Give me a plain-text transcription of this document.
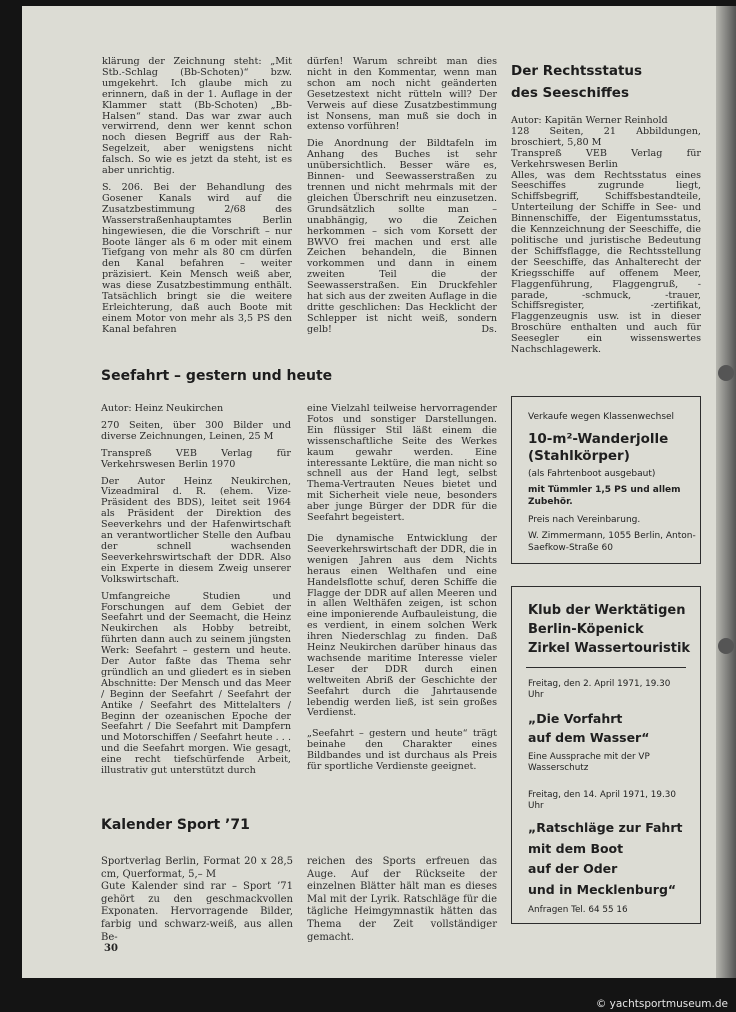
klärung der Zeichnung steht: „Mit Stb.-Schlag (Bb-Schoten)“ bzw. umgekehrt. Ich glaube mich zu erinnern, daß in der 1. Auflage in der Klammer statt (Bb-Schoten) „Bb-Halsen“ stand. Das war zwar auch verwirrend, denn wer kennt schon noch diesen Begriff aus der Rah-Segelzeit, aber wenigstens nicht falsch. So wie es jetzt da steht, ist es aber unrichtig.

S. 206. Bei der Behandlung des Gosener Kanals wird auf die Zusatzbestimmung 2/68 des Wasserstraßenhauptamtes Berlin hingewiesen, die die Vorschrift – nur Boote länger als 6 m oder mit einem Tiefgang von mehr als 80 cm dürfen den Kanal befahren – weiter präzisiert. Kein Mensch weiß aber, was diese Zusatzbestimmung enthält. Tatsächlich bringt sie die weitere Erleichterung, daß auch Boote mit einem Motor von mehr als 3,5 PS den Kanal befahren

dürfen! Warum schreibt man dies nicht in den Kommentar, wenn man schon am noch nicht geänderten Gesetzestext nicht rütteln will? Der Verweis auf diese Zusatzbestimmung ist Nonsens, man muß sie doch in extenso vorführen!

Die Anordnung der Bildtafeln im Anhang des Buches ist sehr unübersichtlich. Besser wäre es, Binnen- und Seewasserstraßen zu trennen und nicht mehrmals mit der gleichen Überschrift neu einzusetzen. Grundsätzlich sollte man – unabhängig, wo die Zeichen herkommen – sich vom Korsett der BWVO frei machen und erst alle Zeichen behandeln, die Binnen vorkommen und dann in einem zweiten Teil die der Seewasserstraßen. Ein Druckfehler hat sich aus der zweiten Auflage in die dritte geschlichen: Das Hecklicht der Schlepper ist nicht weiß, sondern gelb!	Ds.

Der Rechtsstatus
des Seeschiffes
Autor: Kapitän Werner Reinhold
128 Seiten, 21 Abbildungen, broschiert, 5,80 M
Transpreß VEB Verlag für Verkehrswesen Berlin
Alles, was dem Rechtsstatus eines Seeschiffes zugrunde liegt, Schiffsbegriff, Schiffsbestandteile, Unterteilung der Schiffe in See- und Binnenschiffe, der Eigentumsstatus, die Kennzeichnung der Seeschiffe, die politische und juristische Bedeutung der Schiffsflagge, die Rechtsstellung der Seeschiffe, das Anhalterecht der Kriegsschiffe auf offenem Meer, Flaggenführung, Flaggengruß, -parade, -schmuck, -trauer, Schiffsregister, -zertifikat, Flaggenzeugnis usw. ist in dieser Broschüre enthalten und auch für Seesegler ein wissenswertes Nachschlagewerk.
Seefahrt – gestern und heute

Autor: Heinz Neukirchen

270 Seiten, über 300 Bilder und diverse Zeichnungen, Leinen, 25 M

Transpreß VEB Verlag für Verkehrswesen Berlin 1970

Der Autor Heinz Neukirchen, Vizeadmiral d. R. (ehem. Vize-Präsident des BDS), leitet seit 1964 als Präsident der Direktion des Seeverkehrs und der Hafenwirtschaft an verantwortlicher Stelle den Aufbau der schnell wachsenden Seeverkehrswirtschaft der DDR. Also ein Experte in diesem Zweig unserer Volkswirtschaft.

Umfangreiche Studien und Forschungen auf dem Gebiet der Seefahrt und der Seemacht, die Heinz Neukirchen als Hobby betreibt, führten dann auch zu seinem jüngsten Werk: Seefahrt – gestern und heute. Der Autor faßte das Thema sehr gründlich an und gliedert es in sieben Abschnitte: Der Mensch und das Meer / Beginn der Seefahrt / Seefahrt der Antike / Seefahrt des Mittelalters / Beginn der ozeanischen Epoche der Seefahrt / Die Seefahrt mit Dampfern und Motorschiffen / Seefahrt heute . . . und die Seefahrt morgen. Wie gesagt, eine recht tiefschürfende Arbeit, illustrativ gut unterstützt durch

eine Vielzahl teilweise hervorragender Fotos und sonstiger Darstellungen. Ein flüssiger Stil läßt einem die wissenschaftliche Seite des Werkes kaum gewahr werden. Eine interessante Lektüre, die man nicht so schnell aus der Hand legt, selbst Thema-Vertrauten Neues bietet und mit Sicherheit viele neue, besonders aber junge Bürger der DDR für die Seefahrt begeistert.

Die dynamische Entwicklung der Seeverkehrswirtschaft der DDR, die in wenigen Jahren aus dem Nichts heraus einen Welthafen und eine Handelsflotte schuf, deren Schiffe die Flagge der DDR auf allen Meeren und in allen Welthäfen zeigen, ist schon eine imponierende Aufbauleistung, die es verdient, in einem solchen Werk ihren Niederschlag zu finden. Daß Heinz Neukirchen darüber hinaus das wachsende maritime Interesse vieler Leser der DDR durch einen weltweiten Abriß der Geschichte der Seefahrt durch die Jahrtausende lebendig werden ließ, ist sein großes Verdienst.

„Seefahrt – gestern und heute“ trägt beinahe den Charakter eines Bildbandes und ist durchaus als Preis für sportliche Verdienste geeignet.

Verkaufe wegen Klassenwechsel
10-m²-Wanderjolle
(Stahlkörper)
(als Fahrtenboot ausgebaut)
mit Tümmler 1,5 PS und allem Zubehör.
Preis nach Vereinbarung.
W. Zimmermann, 1055 Berlin, Anton-Saefkow-Straße 60
Klub der Werktätigen
Berlin-Köpenick
Zirkel Wassertouristik
Freitag, den 2. April 1971, 19.30 Uhr
„Die Vorfahrt
auf dem Wasser“
Eine Aussprache mit der VP Wasserschutz
Freitag, den 14. April 1971, 19.30 Uhr
„Ratschläge zur Fahrt
mit dem Boot
auf der Oder
und in Mecklenburg“
Anfragen Tel. 64 55 16
Kalender Sport ’71
Sportverlag Berlin, Format 20 x 28,5 cm, Querformat, 5,– M
Gute Kalender sind rar – Sport ’71 gehört zu den geschmackvollen Exponaten. Hervorragende Bilder, farbig und schwarz-weiß, aus allen Be-
reichen des Sports erfreuen das Auge. Auf der Rückseite der einzelnen Blätter hält man es dieses Mal mit der Lyrik. Ratschläge für die tägliche Heimgymnastik hätten das Thema der Zeit vollständiger gemacht.
30
© yachtsportmuseum.de
